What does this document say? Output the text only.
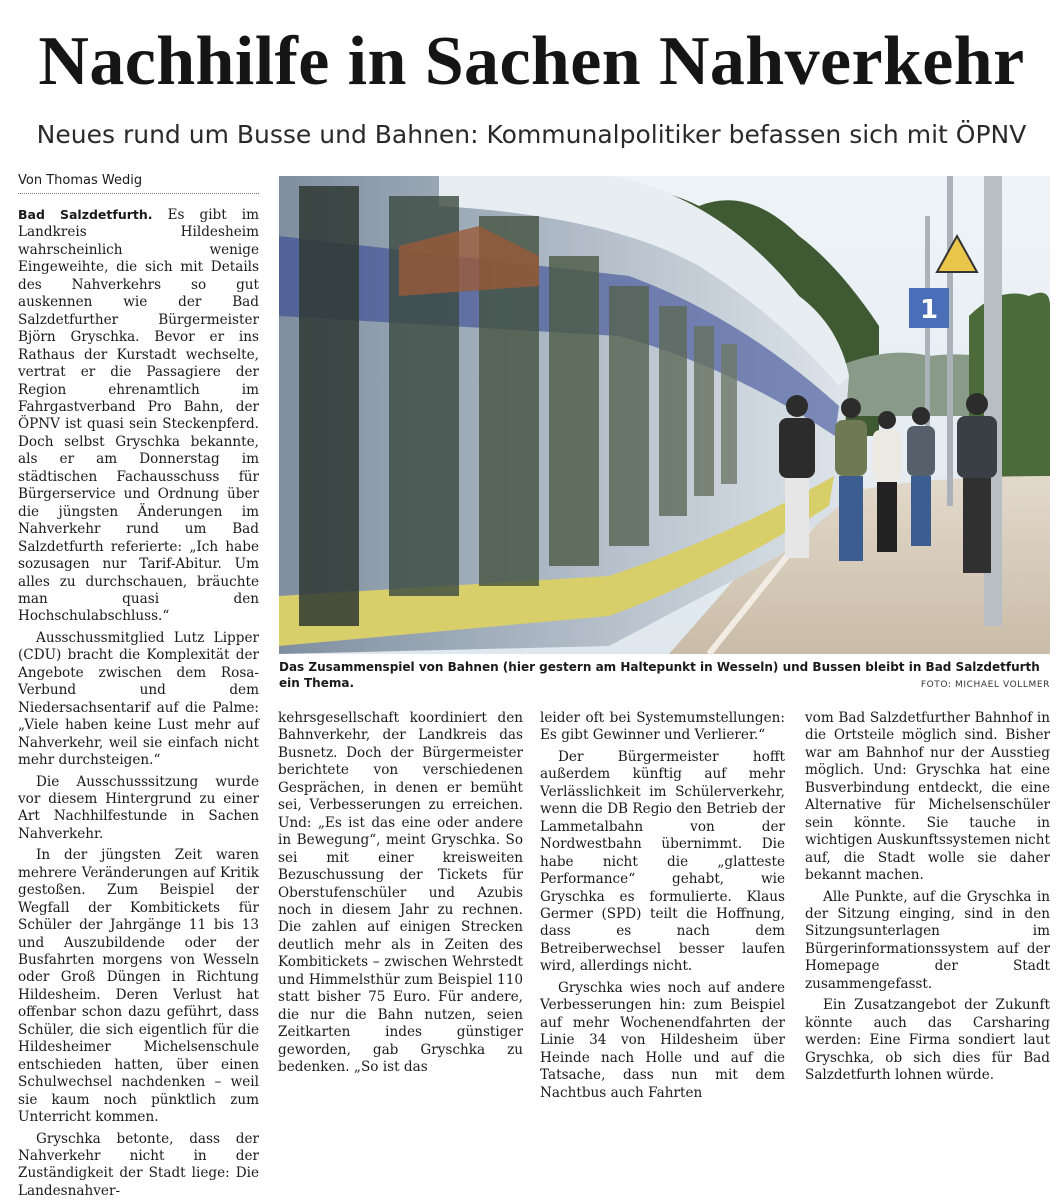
Nachhilfe in Sachen Nahverkehr
Neues rund um Busse und Bahnen: Kommunalpolitiker befassen sich mit ÖPNV
Von Thomas Wedig

Bad Salzdetfurth. Es gibt im Landkreis Hildesheim wahrscheinlich wenige Eingeweihte, die sich mit Details des Nahverkehrs so gut auskennen wie der Bad Salzdetfurther Bürgermeister Björn Gryschka. Bevor er ins Rathaus der Kurstadt wechselte, vertrat er die Passagiere der Region ehrenamtlich im Fahrgastverband Pro Bahn, der ÖPNV ist quasi sein Steckenpferd. Doch selbst Gryschka bekannte, als er am Donnerstag im städtischen Fachausschuss für Bürgerservice und Ordnung über die jüngsten Änderungen im Nahverkehr rund um Bad Salzdetfurth referierte: „Ich habe sozusagen nur Tarif-Abitur. Um alles zu durchschauen, bräuchte man quasi den Hochschulabschluss.“

Ausschussmitglied Lutz Lipper (CDU) bracht die Komplexität der Angebote zwischen dem Rosa-Verbund und dem Niedersachsentarif auf die Palme: „Viele haben keine Lust mehr auf Nahverkehr, weil sie einfach nicht mehr durchsteigen.“

Die Ausschusssitzung wurde vor diesem Hintergrund zu einer Art Nachhilfestunde in Sachen Nahverkehr.

In der jüngsten Zeit waren mehrere Veränderungen auf Kritik gestoßen. Zum Beispiel der Wegfall der Kombitickets für Schüler der Jahrgänge 11 bis 13 und Auszubildende oder der Busfahrten morgens von Wesseln oder Groß Düngen in Richtung Hildesheim. Deren Verlust hat offenbar schon dazu geführt, dass Schüler, die sich eigentlich für die Hildesheimer Michelsenschule entschieden hatten, über einen Schulwechsel nachdenken – weil sie kaum noch pünktlich zum Unterricht kommen.

Gryschka betonte, dass der Nahverkehr nicht in der Zuständigkeit der Stadt liege: Die Landesnahver-

1

Das Zusammenspiel von Bahnen (hier gestern am Haltepunkt in Wesseln) und Bussen bleibt in Bad Salzdetfurth ein Thema.	FOTO: MICHAEL VOLLMER

kehrsgesellschaft koordiniert den Bahnverkehr, der Landkreis das Busnetz. Doch der Bürgermeister berichtete von verschiedenen Gesprächen, in denen er bemüht sei, Verbesserungen zu erreichen. Und: „Es ist das eine oder andere in Bewegung“, meint Gryschka. So sei mit einer kreisweiten Bezuschussung der Tickets für Oberstufenschüler und Azubis noch in diesem Jahr zu rechnen. Die zahlen auf einigen Strecken deutlich mehr als in Zeiten des Kombitickets – zwischen Wehrstedt und Himmelsthür zum Beispiel 110 statt bisher 75 Euro. Für andere, die nur die Bahn nutzen, seien Zeitkarten indes günstiger geworden, gab Gryschka zu bedenken. „So ist das

leider oft bei Systemumstellungen: Es gibt Gewinner und Verlierer.“

Der Bürgermeister hofft außerdem künftig auf mehr Verlässlichkeit im Schülerverkehr, wenn die DB Regio den Betrieb der Lammetalbahn von der Nordwestbahn übernimmt. Die habe nicht die „glatteste Performance“ gehabt, wie Gryschka es formulierte. Klaus Germer (SPD) teilt die Hoffnung, dass es nach dem Betreiberwechsel besser laufen wird, allerdings nicht.

Gryschka wies noch auf andere Verbesserungen hin: zum Beispiel auf mehr Wochenendfahrten der Linie 34 von Hildesheim über Heinde nach Holle und auf die Tatsache, dass nun mit dem Nachtbus auch Fahrten

vom Bad Salzdetfurther Bahnhof in die Ortsteile möglich sind. Bisher war am Bahnhof nur der Ausstieg möglich. Und: Gryschka hat eine Busverbindung entdeckt, die eine Alternative für Michelsenschüler sein könnte. Sie tauche in wichtigen Auskunftssystemen nicht auf, die Stadt wolle sie daher bekannt machen.

Alle Punkte, auf die Gryschka in der Sitzung einging, sind in den Sitzungsunterlagen im Bürgerinformationssystem auf der Homepage der Stadt zusammengefasst.

Ein Zusatzangebot der Zukunft könnte auch das Carsharing werden: Eine Firma sondiert laut Gryschka, ob sich dies für Bad Salzdetfurth lohnen würde.
